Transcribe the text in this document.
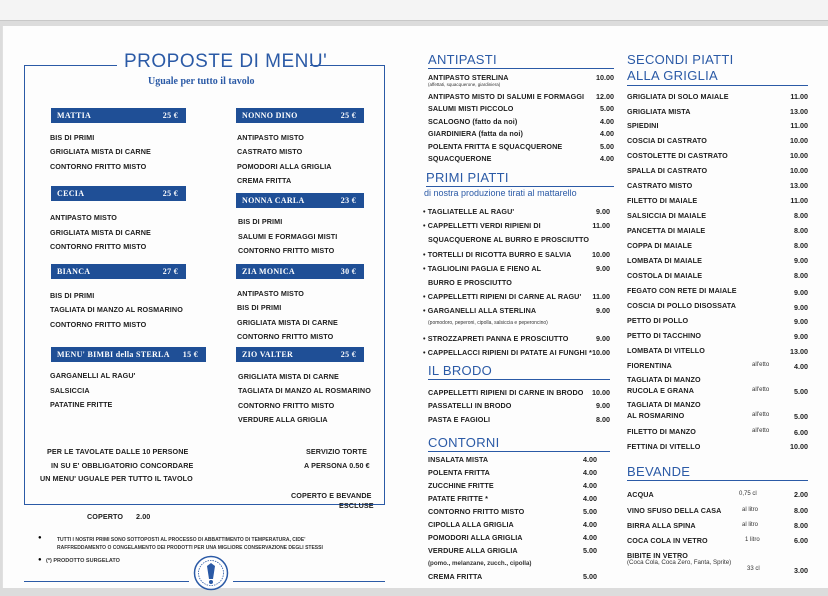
PROPOSTE DI MENU'
Uguale per tutto il tavolo
MATTIA	25 €
BIS DI PRIMI
GRIGLIATA MISTA DI CARNE
CONTORNO FRITTO MISTO
NONNO DINO	25 €
ANTIPASTO MISTO
CASTRATO MISTO
POMODORI ALLA GRIGLIA
CREMA FRITTA
CECIA	25 €
ANTIPASTO MISTO
GRIGLIATA MISTA DI CARNE
CONTORNO FRITTO MISTO
NONNA CARLA	23 €
BIS DI PRIMI
SALUMI E FORMAGGI MISTI
CONTORNO FRITTO MISTO
BIANCA	27 €
BIS DI PRIMI
TAGLIATA DI MANZO AL ROSMARINO
CONTORNO FRITTO MISTO
ZIA MONICA	30 €
ANTIPASTO MISTO
BIS DI PRIMI
GRIGLIATA MISTA DI CARNE
CONTORNO FRITTO MISTO
MENU' BIMBI della STERLA 15 €
GARGANELLI AL RAGU'
SALSICCIA
PATATINE FRITTE
ZIO VALTER	25 €
GRIGLIATA MISTA DI CARNE
TAGLIATA DI MANZO AL ROSMARINO
CONTORNO FRITTO MISTO
VERDURE ALLA GRIGLIA
PER LE TAVOLATE DALLE 10 PERSONE
IN SU E' OBBLIGATORIO CONCORDARE
UN MENU' UGUALE PER TUTTO IL TAVOLO
SERVIZIO TORTE
A PERSONA 0.50 €
COPERTO E BEVANDE
ESCLUSE
COPERTO 2.00
●	TUTTI I NOSTRI PRIMI SONO SOTTOPOSTI AL PROCESSO DI ABBATTIMENTO DI TEMPERATURA, CIDE'
RAFFREDDAMENTO O CONGELAMENTO DEI PRODOTTI PER UNA MIGLIORE CONSERVAZIONE DEGLI STESSI
● (*) PRODOTTO SURGELATO
ANTIPASTI
ANTIPASTO STERLINA	10.00
(affettati, squacquerone, giardiniera)
ANTIPASTO MISTO DI SALUMI E FORMAGGI	12.00
SALUMI MISTI PICCOLO	5.00
SCALOGNO (fatto da noi)	4.00
GIARDINIERA (fatta da noi)	4.00
POLENTA FRITTA E SQUACQUERONE	5.00
SQUACQUERONE	4.00
PRIMI PIATTI
di nostra produzione tirati al mattarello
• TAGLIATELLE AL RAGU'	9.00
• CAPPELLETTI VERDI RIPIENI DI	11.00
SQUACQUERONE AL BURRO E PROSCIUTTO
• TORTELLI DI RICOTTA BURRO E SALVIA	10.00
• TAGLIOLINI PAGLIA E FIENO AL	9.00
BURRO E PROSCIUTTO
• CAPPELLETTI RIPIENI DI CARNE AL RAGU'	11.00
• GARGANELLI ALLA STERLINA	9.00
(pomodoro, peperoni, cipolla, salsiccia e peperoncino)
• STROZZAPRETI PANNA E PROSCIUTTO	9.00
• CAPPELLACCI RIPIENI DI PATATE AI FUNGHI * 10.00
IL BRODO
CAPPELLETTI RIPIENI DI CARNE IN BRODO	10.00
PASSATELLI IN BRODO	9.00
PASTA E FAGIOLI	8.00
CONTORNI
INSALATA MISTA	4.00
POLENTA FRITTA	4.00
ZUCCHINE FRITTE	4.00
PATATE FRITTE *	4.00
CONTORNO FRITTO MISTO	5.00
CIPOLLA ALLA GRIGLIA	4.00
POMODORI ALLA GRIGLIA	4.00
VERDURE ALLA GRIGLIA	5.00
(pomo., melanzane, zucch., cipolla)
CREMA FRITTA	5.00
SECONDI PIATTI
ALLA GRIGLIA
GRIGLIATA DI SOLO MAIALE	11.00
GRIGLIATA MISTA	13.00
SPIEDINI	11.00
COSCIA DI CASTRATO	10.00
COSTOLETTE DI CASTRATO	10.00
SPALLA DI CASTRATO	10.00
CASTRATO MISTO	13.00
FILETTO DI MAIALE	11.00
SALSICCIA DI MAIALE	8.00
PANCETTA DI MAIALE	8.00
COPPA DI MAIALE	8.00
LOMBATA DI MAIALE	9.00
COSTOLA DI MAIALE	8.00
FEGATO CON RETE DI MAIALE	9.00
COSCIA DI POLLO DISOSSATA	9.00
PETTO DI POLLO	9.00
PETTO DI TACCHINO	9.00
LOMBATA DI VITELLO	13.00
FIORENTINA	all'etto	4.00
TAGLIATA DI MANZO
RUCOLA E GRANA	all'etto	5.00
TAGLIATA DI MANZO
AL ROSMARINO	all'etto	5.00
FILETTO DI MANZO	all'etto	6.00
FETTINA DI VITELLO	10.00
BEVANDE
ACQUA	0,75 cl	2.00
VINO SFUSO DELLA CASA	al litro	8.00
BIRRA ALLA SPINA	al litro	8.00
COCA COLA IN VETRO	1 litro	6.00
BIBITE IN VETRO
(Coca Cola, Coca Zero, Fanta, Sprite)
33 cl	3.00
